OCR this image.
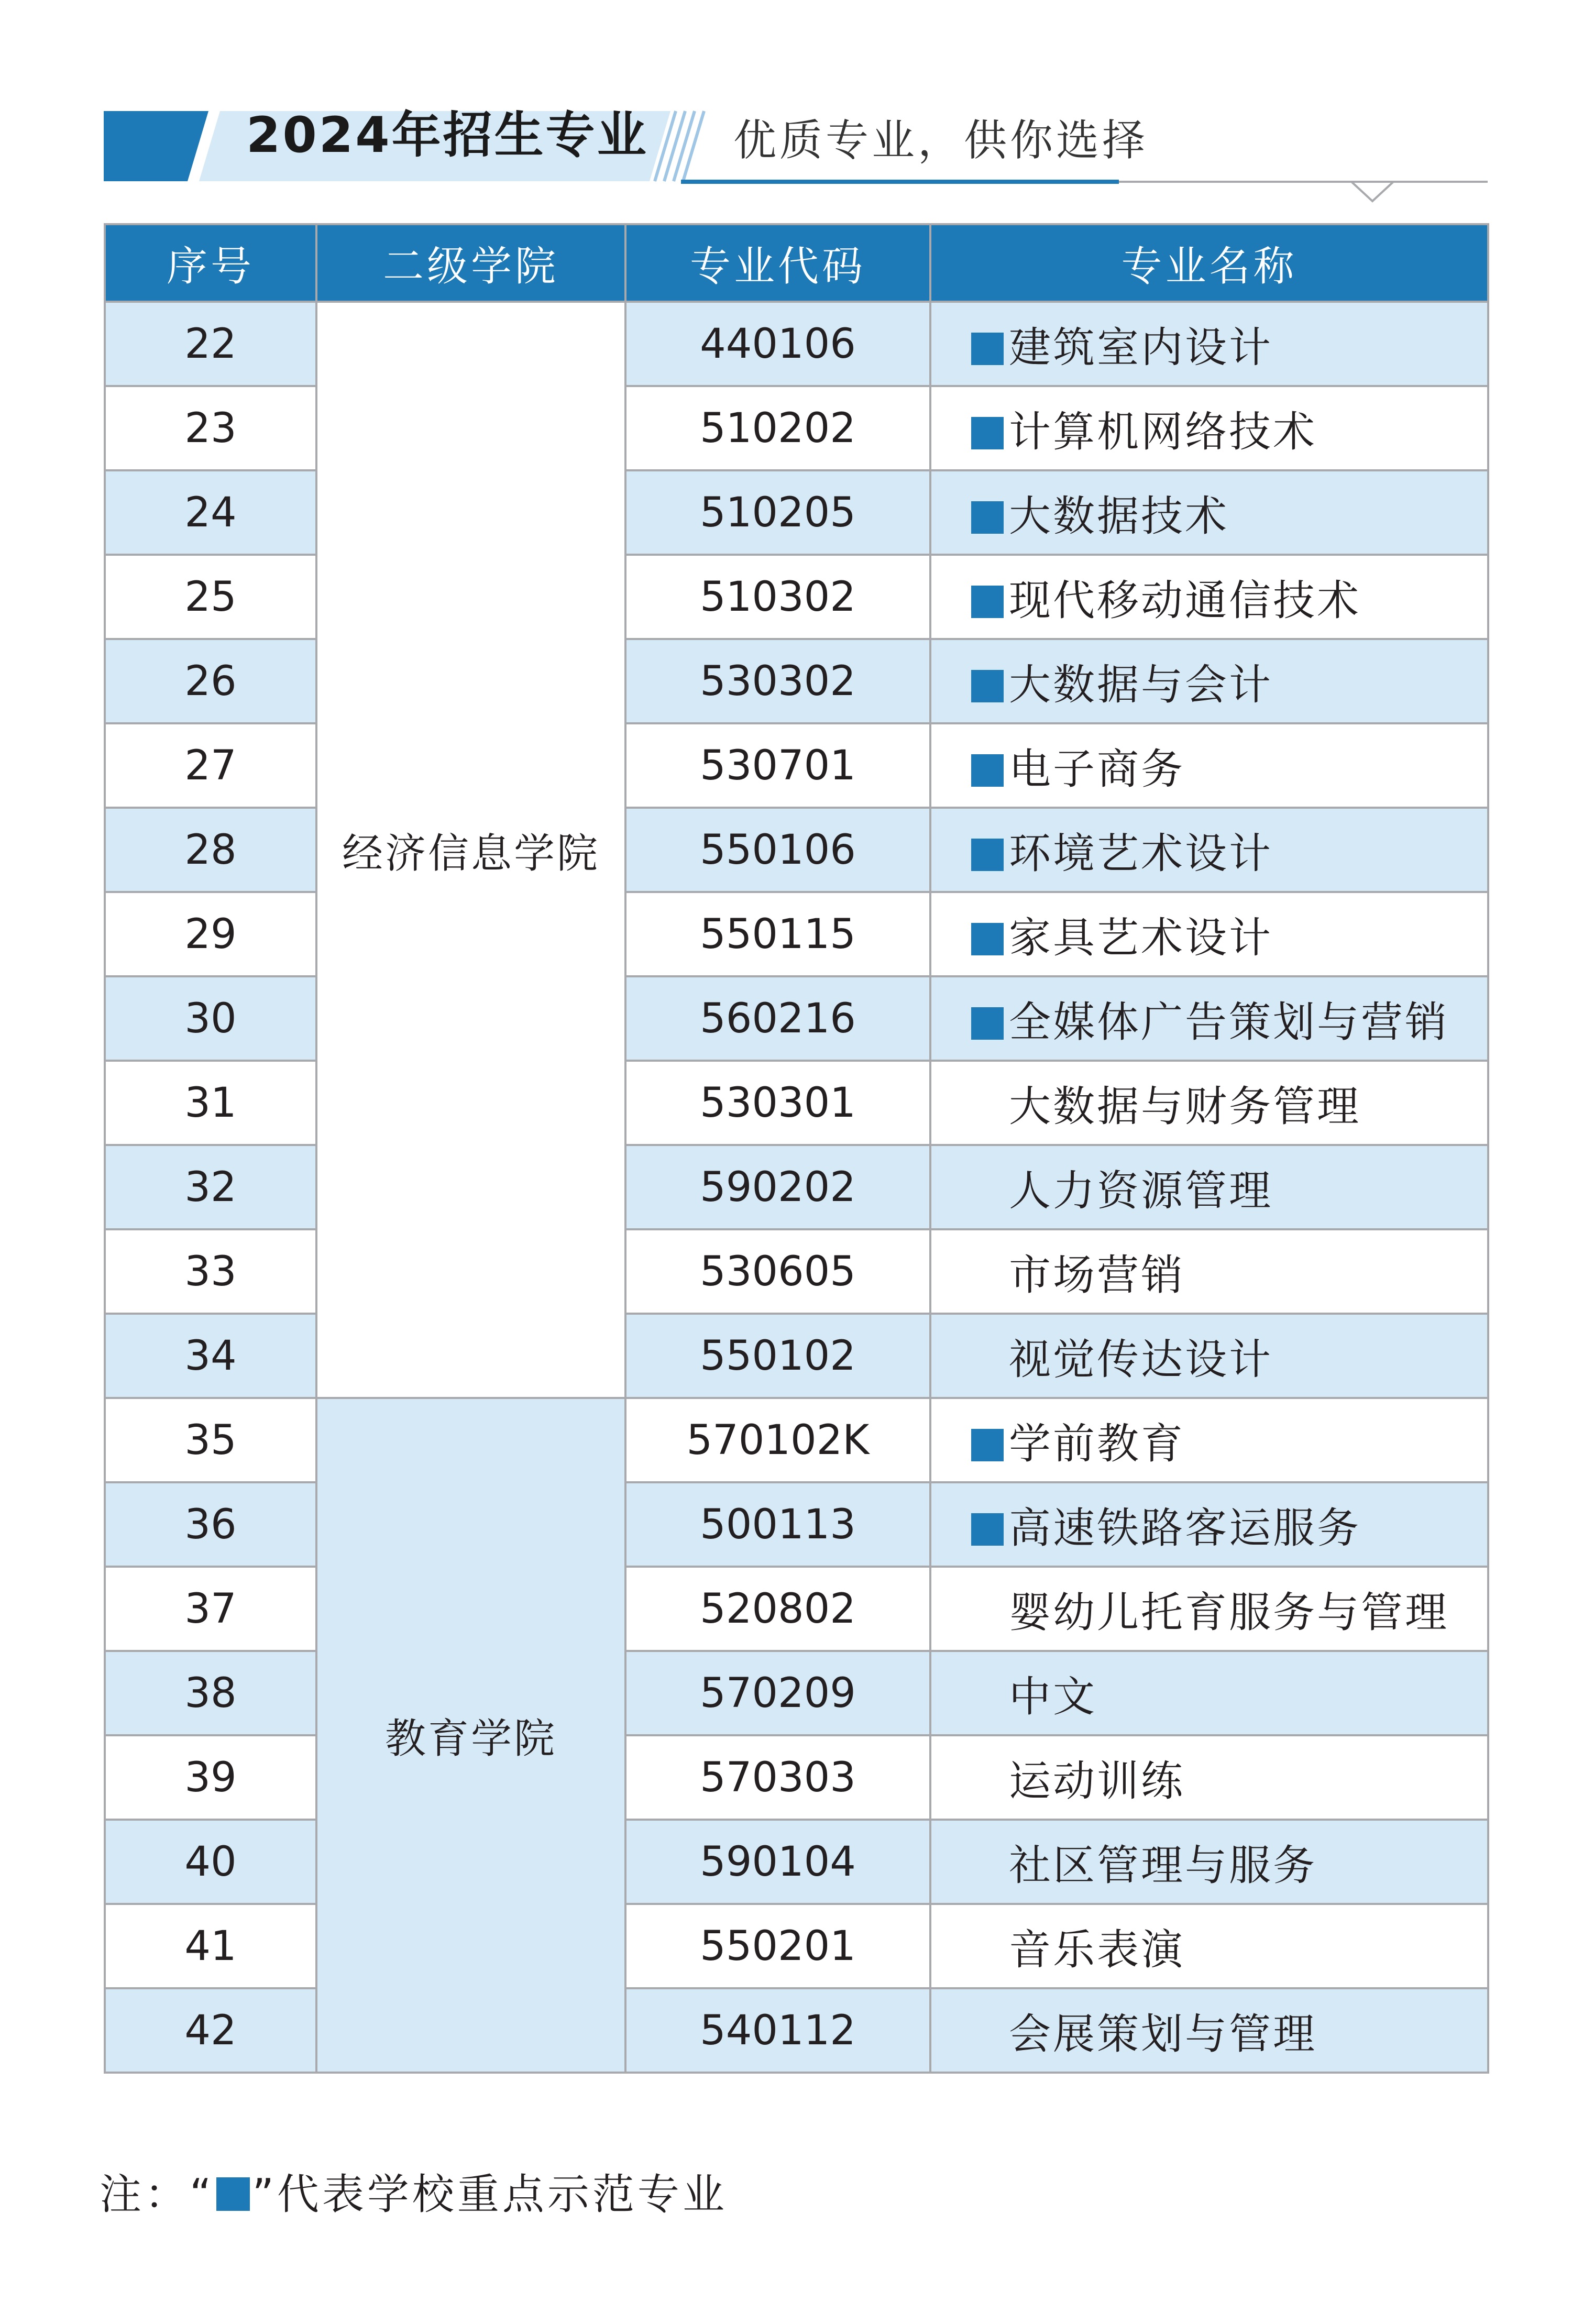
2024年招生专业 优质专业，供你选择
序号	二级学院	专业代码	专业名称
22	经济信息学院	440106	建筑室内设计
23		510202	计算机网络技术
24		510205	大数据技术
25		510302	现代移动通信技术
26		530302	大数据与会计
27		530701	电子商务
28		550106	环境艺术设计
29		550115	家具艺术设计
30		560216	全媒体广告策划与营销
31		530301	大数据与财务管理
32		590202	人力资源管理
33		530605	市场营销
34		550102	视觉传达设计
35	教育学院	570102K	学前教育
36		500113	高速铁路客运服务
37		520802	婴幼儿托育服务与管理
38		570209	中文
39		570303	运动训练
40		590104	社区管理与服务
41		550201	音乐表演
42		540112	会展策划与管理
注：“ ”代表学校重点示范专业
